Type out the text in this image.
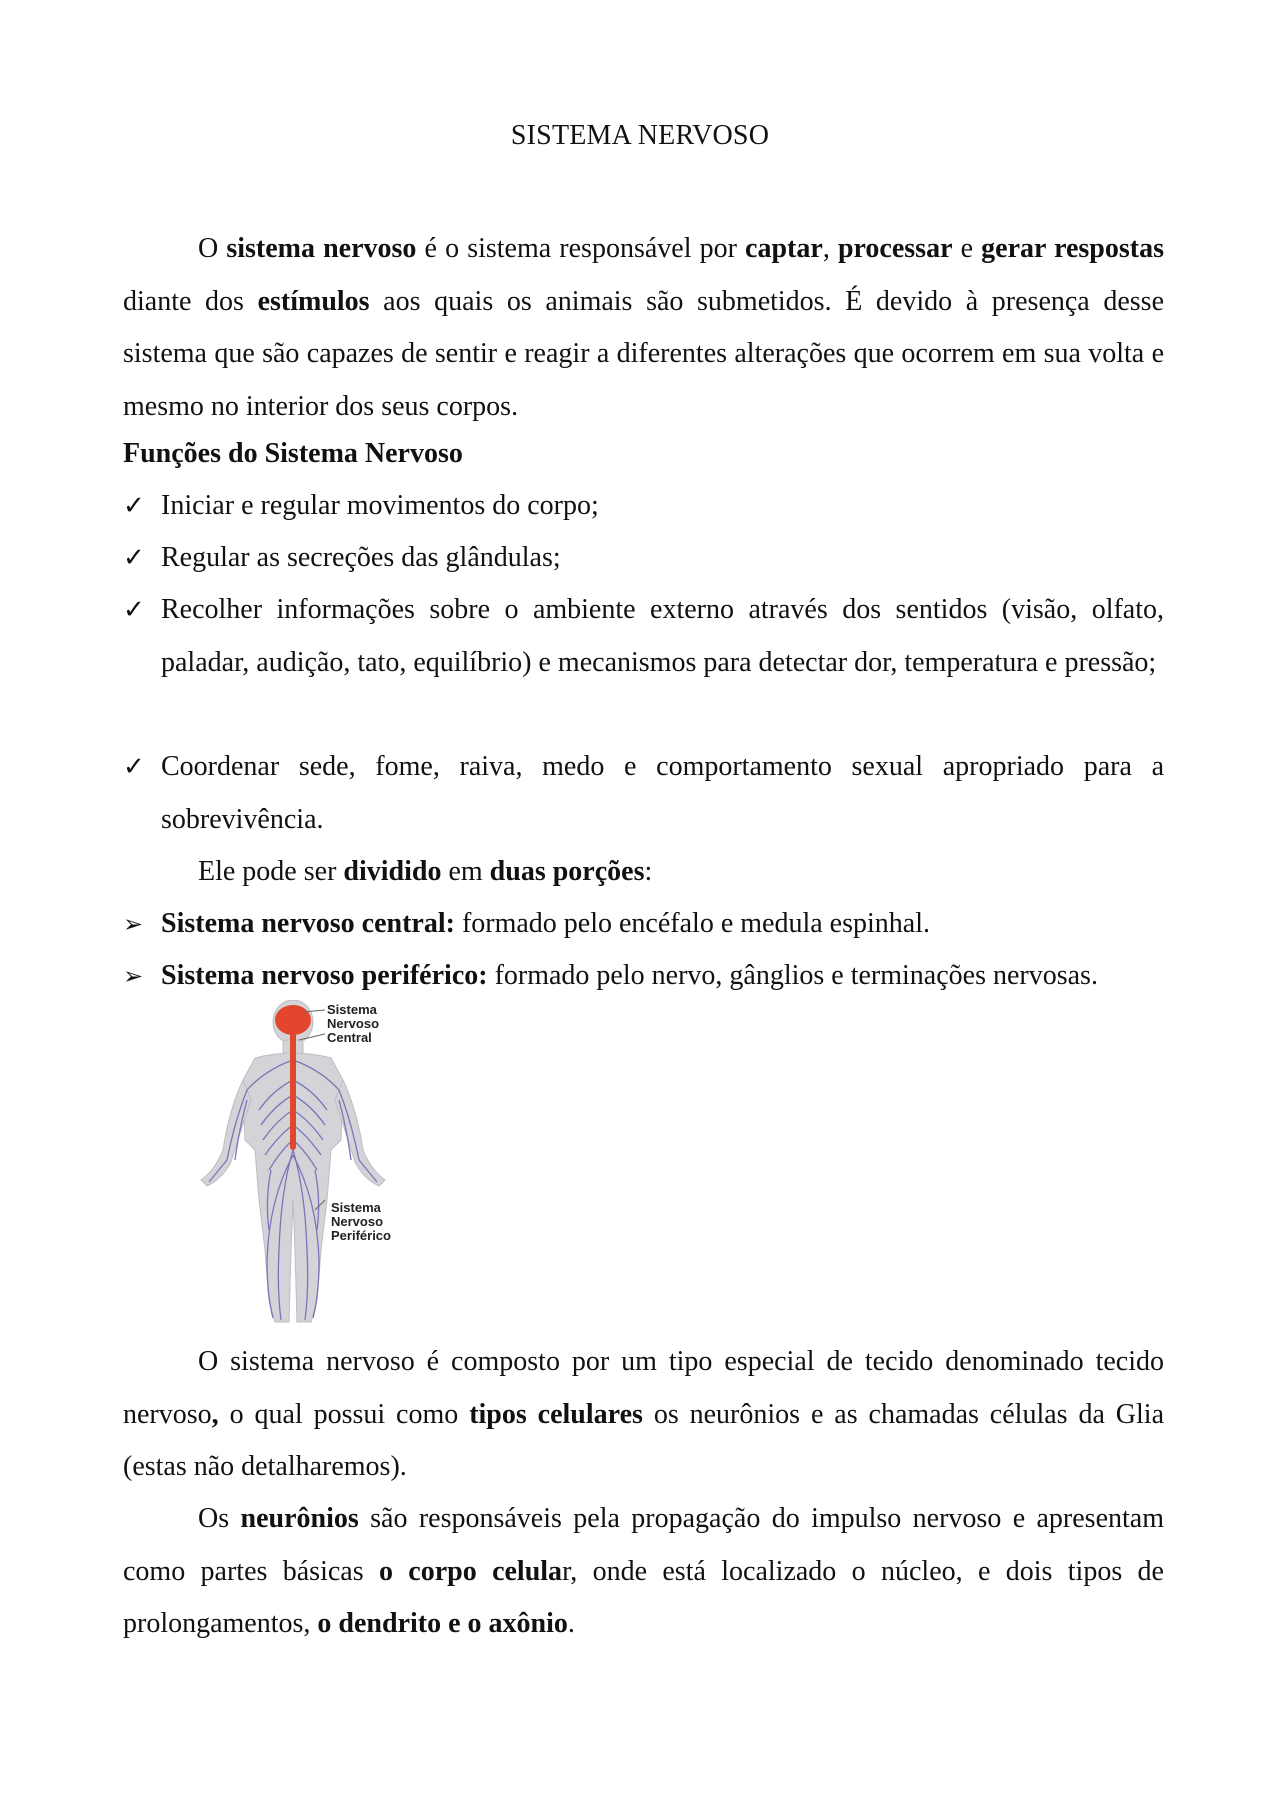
SISTEMA NERVOSO

O sistema nervoso é o sistema responsável por captar, processar e gerar respostas diante dos estímulos aos quais os animais são submetidos. É devido à presença desse sistema que são capazes de sentir e reagir a diferentes alterações que ocorrem em sua volta e mesmo no interior dos seus corpos.

Funções do Sistema Nervoso
✓ Iniciar e regular movimentos do corpo;
✓ Regular as secreções das glândulas;
✓ Recolher informações sobre o ambiente externo através dos sentidos (visão, olfato, paladar, audição, tato, equilíbrio) e mecanismos para detectar dor, temperatura e pressão;
✓ Coordenar sede, fome, raiva, medo e comportamento sexual apropriado para a sobrevivência.

Ele pode ser dividido em duas porções:

➢ Sistema nervoso central: formado pelo encéfalo e medula espinhal.
➢ Sistema nervoso periférico: formado pelo nervo, gânglios e terminações nervosas.
Sistema
Nervoso
Central
Sistema
Nervoso
Periférico

O sistema nervoso é composto por um tipo especial de tecido denominado tecido nervoso, o qual possui como tipos celulares os neurônios e as chamadas células da Glia (estas não detalharemos).

Os neurônios são responsáveis pela propagação do impulso nervoso e apresentam como partes básicas o corpo celular, onde está localizado o núcleo, e dois tipos de prolongamentos, o dendrito e o axônio.
